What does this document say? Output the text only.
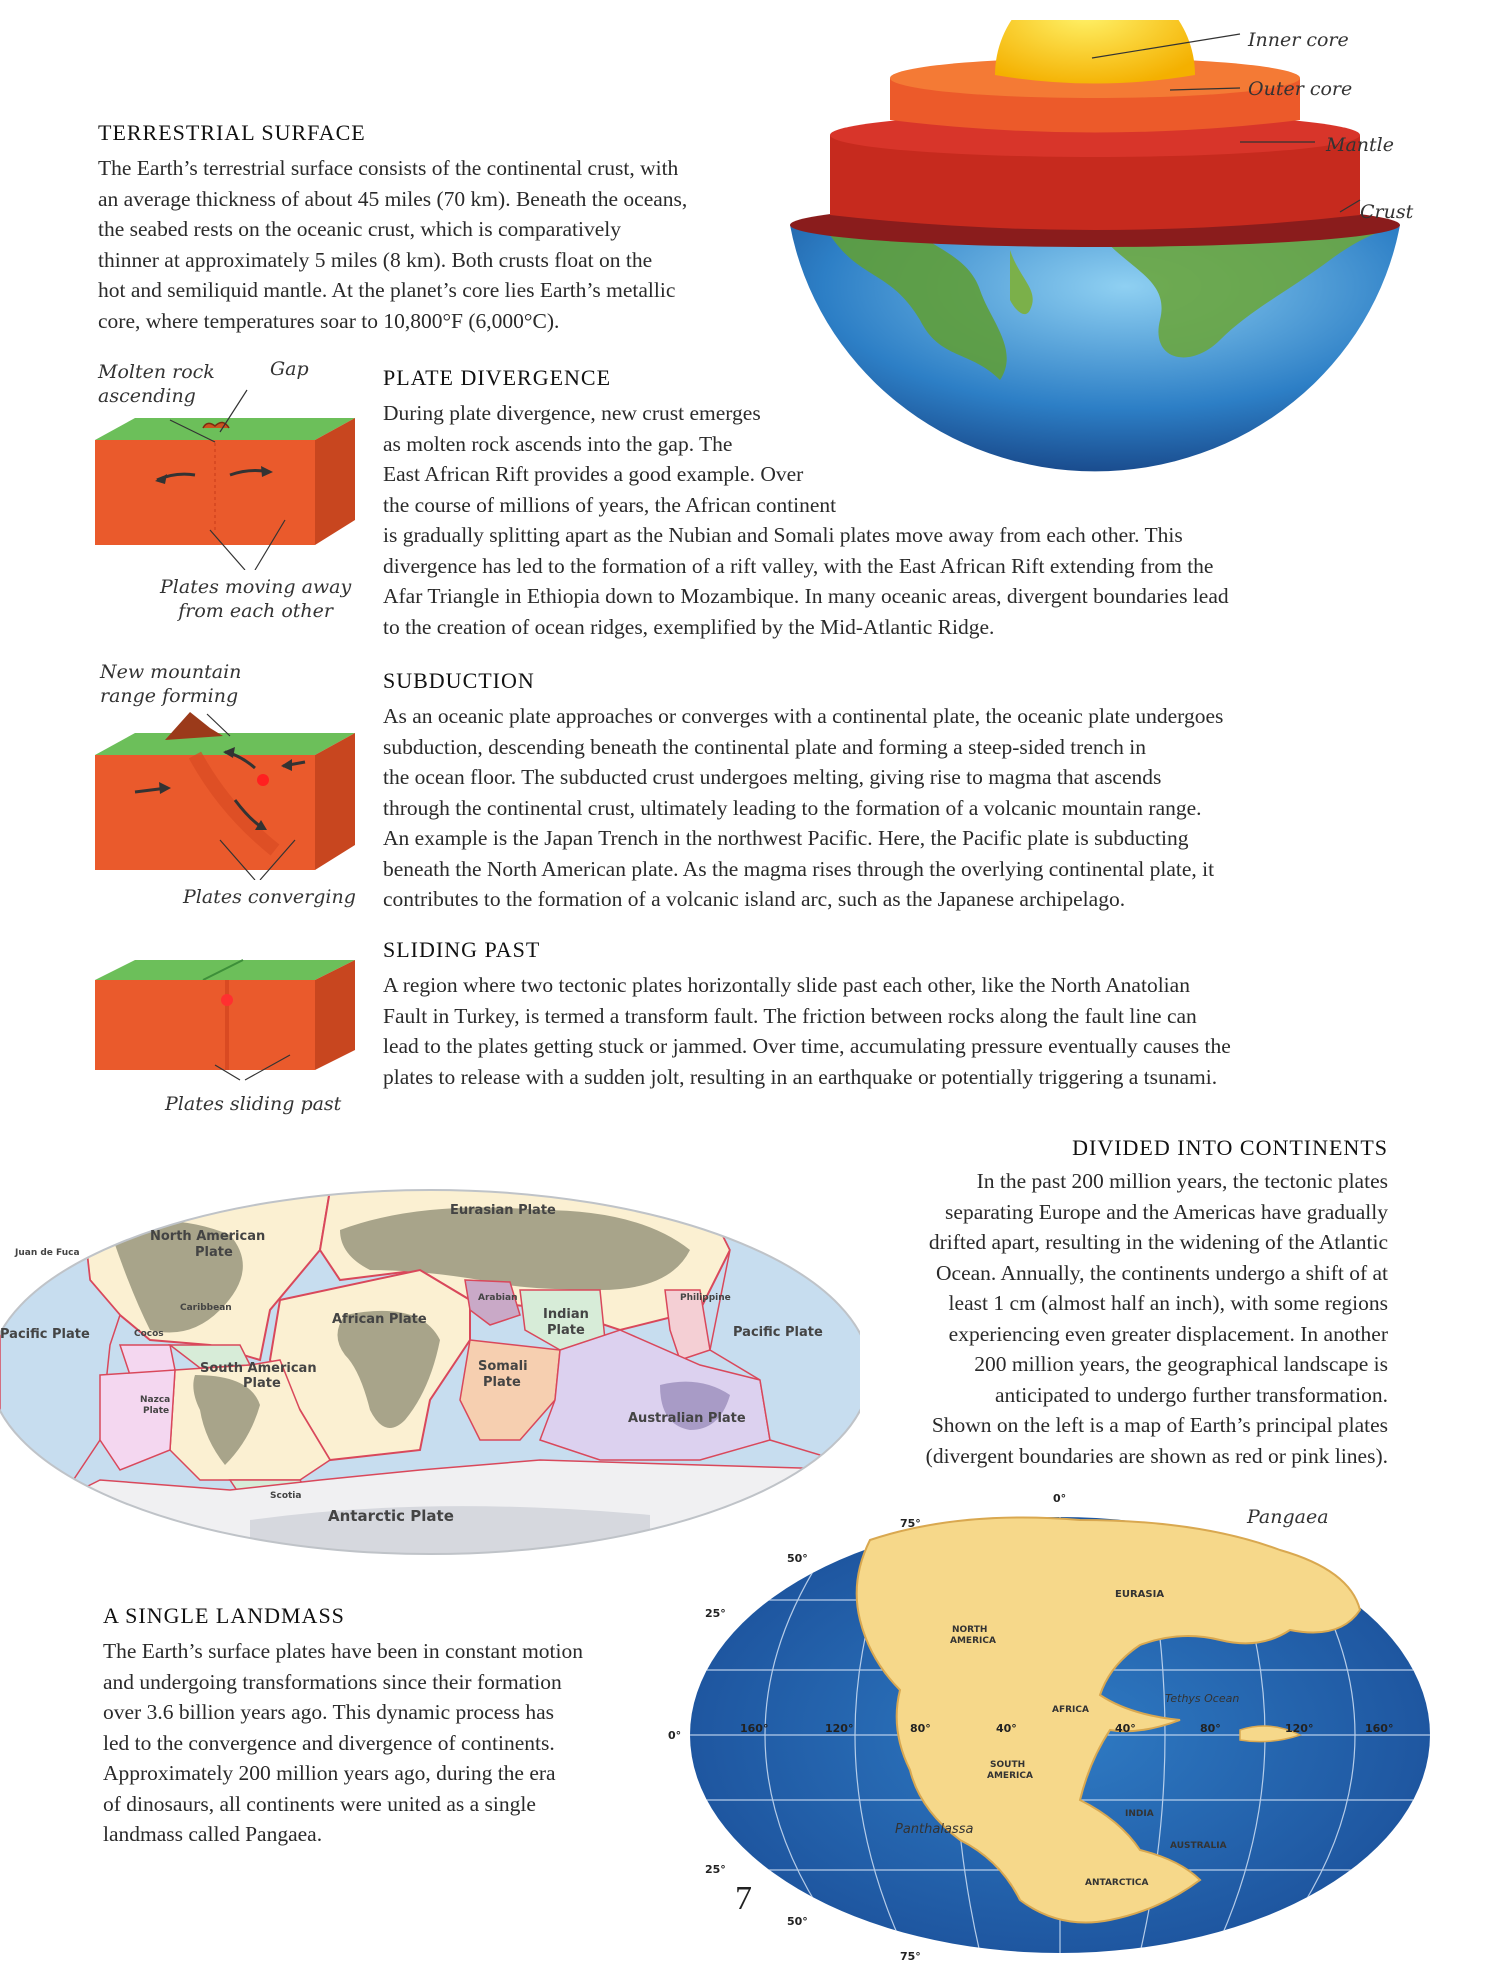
Inner core
Outer core
Mantle
Crust
TERRESTRIAL SURFACE

The Earth’s terrestrial surface consists of the continental crust, with

an average thickness of about 45 miles (70 km). Beneath the oceans,

the seabed rests on the oceanic crust, which is comparatively

thinner at approximately 5 miles (8 km). Both crusts float on the

hot and semiliquid mantle. At the planet’s core lies Earth’s metallic

core, where temperatures soar to 10,800°F (6,000°C).

Molten rock
ascending
Gap
Plates moving away
from each other
PLATE DIVERGENCE

During plate divergence, new crust emerges

as molten rock ascends into the gap. The

East African Rift provides a good example. Over

the course of millions of years, the African continent

is gradually splitting apart as the Nubian and Somali plates move away from each other. This

divergence has led to the formation of a rift valley, with the East African Rift extending from the

Afar Triangle in Ethiopia down to Mozambique. In many oceanic areas, divergent boundaries lead

to the creation of ocean ridges, exemplified by the Mid-Atlantic Ridge.

New mountain
range forming
Plates converging
SUBDUCTION

As an oceanic plate approaches or converges with a continental plate, the oceanic plate undergoes

subduction, descending beneath the continental plate and forming a steep-sided trench in

the ocean floor. The subducted crust undergoes melting, giving rise to magma that ascends

through the continental crust, ultimately leading to the formation of a volcanic mountain range.

An example is the Japan Trench in the northwest Pacific. Here, the Pacific plate is subducting

beneath the North American plate. As the magma rises through the overlying continental plate, it

contributes to the formation of a volcanic island arc, such as the Japanese archipelago.

Plates sliding past
SLIDING PAST

A region where two tectonic plates horizontally slide past each other, like the North Anatolian

Fault in Turkey, is termed a transform fault. The friction between rocks along the fault line can

lead to the plates getting stuck or jammed. Over time, accumulating pressure eventually causes the

plates to release with a sudden jolt, resulting in an earthquake or potentially triggering a tsunami.

DIVIDED INTO CONTINENTS

In the past 200 million years, the tectonic plates

separating Europe and the Americas have gradually

drifted apart, resulting in the widening of the Atlantic

Ocean. Annually, the continents undergo a shift of at

least 1 cm (almost half an inch), with some regions

experiencing even greater displacement. In another

200 million years, the geographical landscape is

anticipated to undergo further transformation.

Shown on the left is a map of Earth’s principal plates

(divergent boundaries are shown as red or pink lines).

North American Plate
Eurasian Plate
Juan de Fuca
Caribbean
Arabian	Philippine
Pacific Plate	Cocos
African Plate	Indian Plate	Pacific Plate
South American Plate
Somali Plate
Nazca Plate	Australian Plate
Scotia
Antarctic Plate
A SINGLE LANDMASS

The Earth’s surface plates have been in constant motion

and undergoing transformations since their formation

over 3.6 billion years ago. This dynamic process has

led to the convergence and divergence of continents.

Approximately 200 million years ago, during the era

of dinosaurs, all continents were united as a single

landmass called Pangaea.

EURASIA
NORTH AMERICA
AFRICA
Tethys Ocean
SOUTH AMERICA
INDIA
AUSTRALIA
ANTARCTICA
Panthalassa
0°
75°
50°
25°
0°
25°
50°
75°
160°	120°	80°	40°	40°	80°	120°	160°
Pangaea
7
